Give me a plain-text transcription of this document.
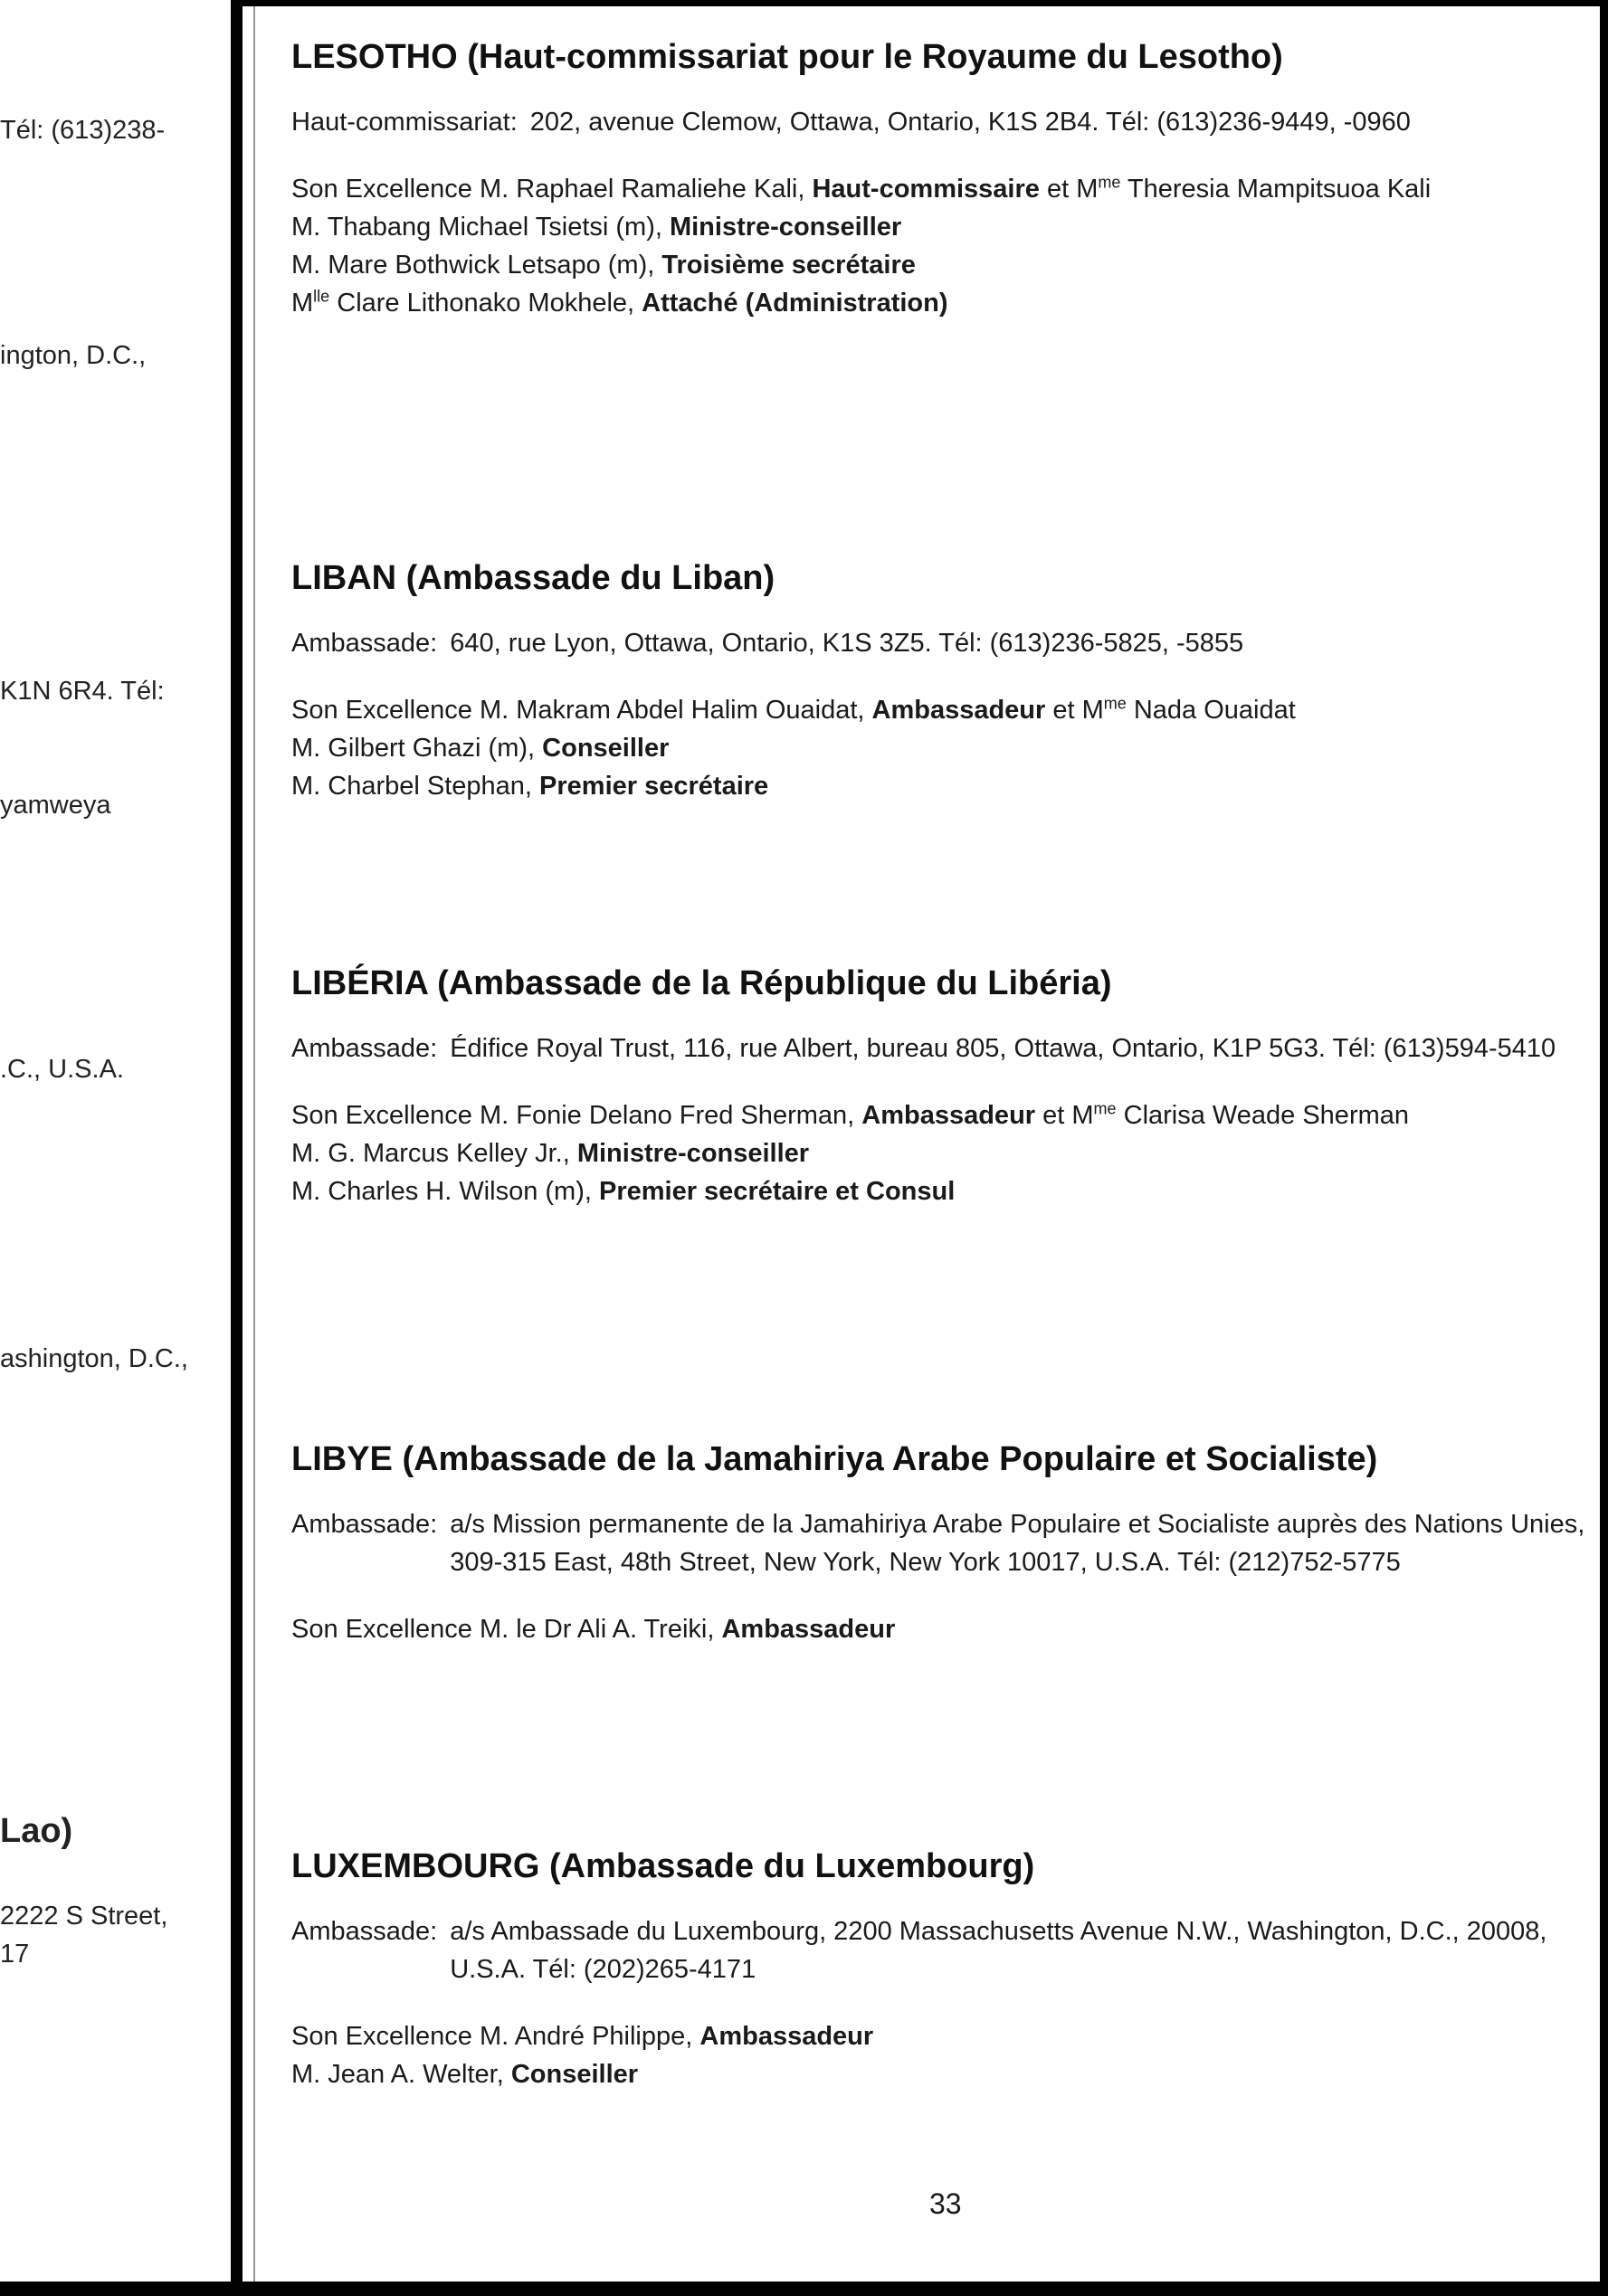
Tél: (613)238-
ington, D.C.,
K1N 6R4. Tél:
yamweya
.C., U.S.A.
ashington, D.C.,
Lao)
2222 S Street,
17
LESOTHO (Haut-commissariat pour le Royaume du Lesotho)
Haut-commissariat: 202, avenue Clemow, Ottawa, Ontario, K1S 2B4. Tél: (613)236-9449, -0960
Son Excellence M. Raphael Ramaliehe Kali, Haut-commissaire et $M^{me}$ Theresia Mampitsuoa Kali
M. Thabang Michael Tsietsi (m), Ministre-conseiller
M. Mare Bothwick Letsapo (m), Troisième secrétaire
$M^{lle}$ Clare Lithonako Mokhele, Attaché (Administration)
LIBAN (Ambassade du Liban)
Ambassade: 640, rue Lyon, Ottawa, Ontario, K1S 3Z5. Tél: (613)236-5825, -5855
Son Excellence M. Makram Abdel Halim Ouaidat, Ambassadeur et $M^{me}$ Nada Ouaidat
M. Gilbert Ghazi (m), Conseiller
M. Charbel Stephan, Premier secrétaire
LIBÉRIA (Ambassade de la République du Libéria)
Ambassade: Édifice Royal Trust, 116, rue Albert, bureau 805, Ottawa, Ontario, K1P 5G3. Tél: (613)594-5410
Son Excellence M. Fonie Delano Fred Sherman, Ambassadeur et $M^{me}$ Clarisa Weade Sherman
M. G. Marcus Kelley Jr., Ministre-conseiller
M. Charles H. Wilson (m), Premier secrétaire et Consul
LIBYE (Ambassade de la Jamahiriya Arabe Populaire et Socialiste)
Ambassade: a/s Mission permanente de la Jamahiriya Arabe Populaire et Socialiste auprès des Nations Unies, 309-315 East, 48th Street, New York, New York 10017, U.S.A. Tél: (212)752-5775
Son Excellence M. le Dr Ali A. Treiki, Ambassadeur
LUXEMBOURG (Ambassade du Luxembourg)
Ambassade: a/s Ambassade du Luxembourg, 2200 Massachusetts Avenue N.W., Washington, D.C., 20008, U.S.A. Tél: (202)265-4171
Son Excellence M. André Philippe, Ambassadeur
M. Jean A. Welter, Conseiller
33
